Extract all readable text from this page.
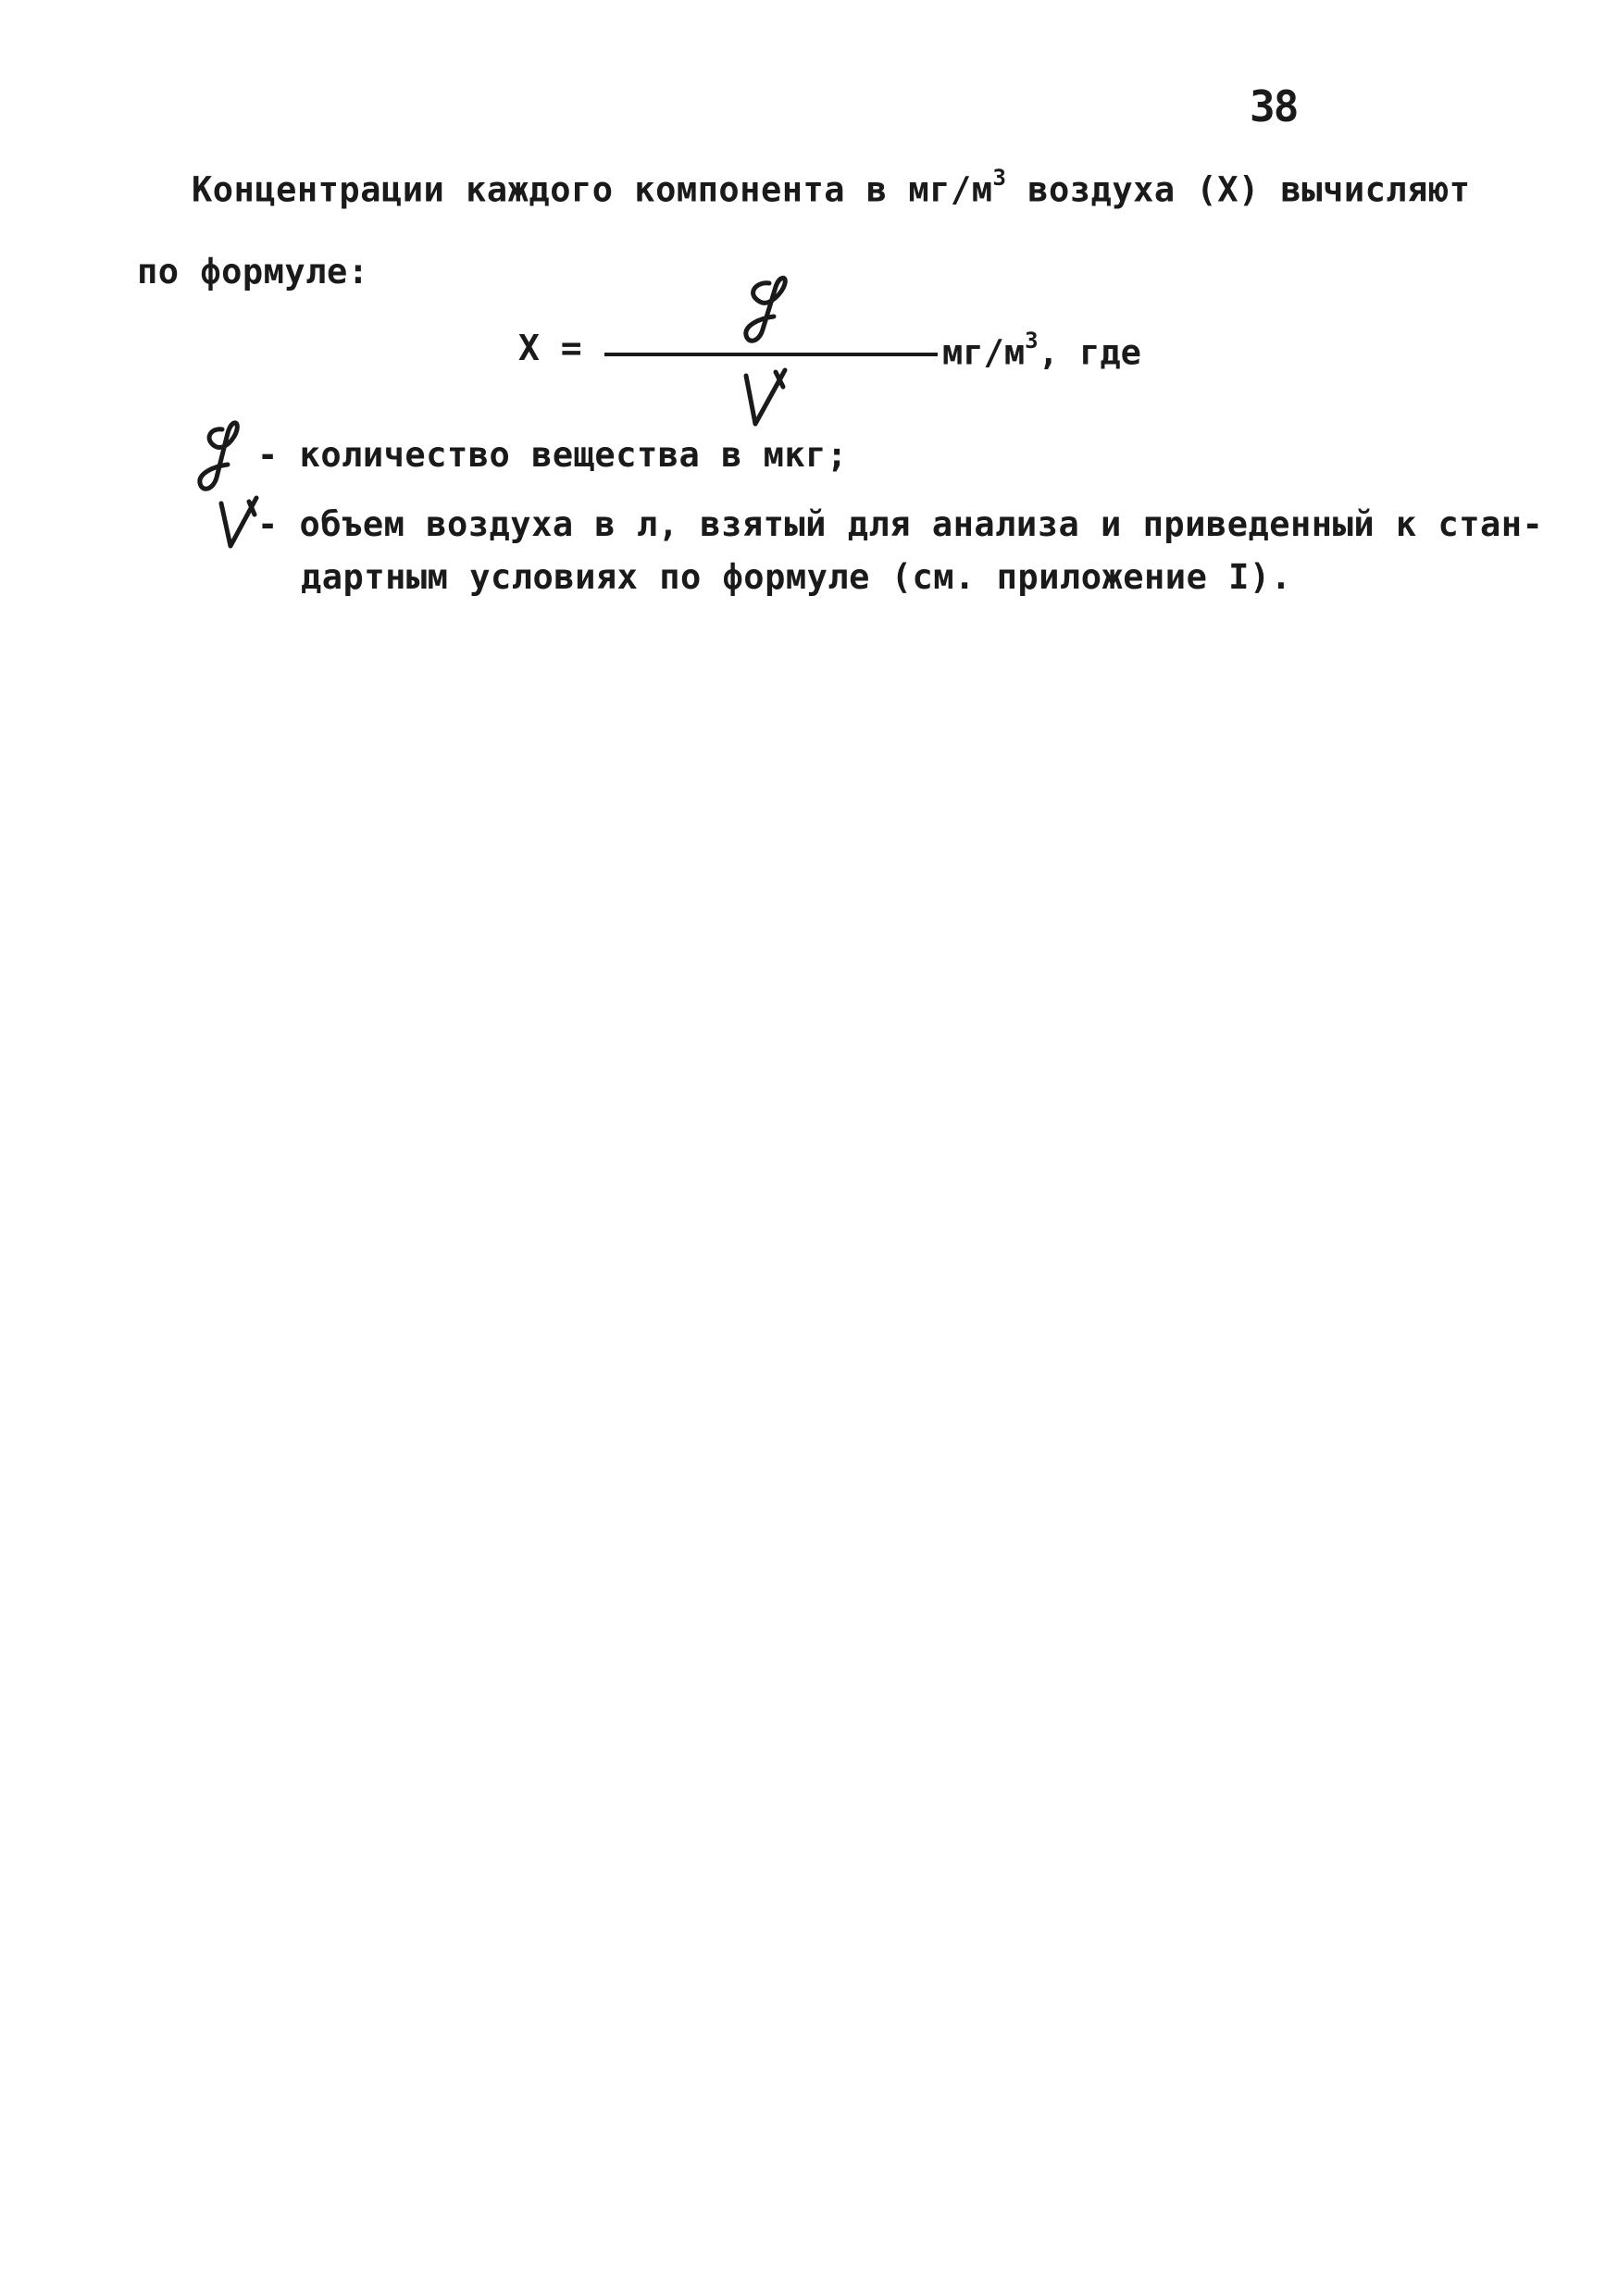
38
Концентрации каждого компонента в $мг/м^3$ воздуха (Х) вычисляют
по формуле:
Х =	$мг/м^3$, где
- количество вещества в мкг;
- объем воздуха в л, взятый для анализа и приведенный к стан-
дартным условиях по формуле (см. приложение I).
